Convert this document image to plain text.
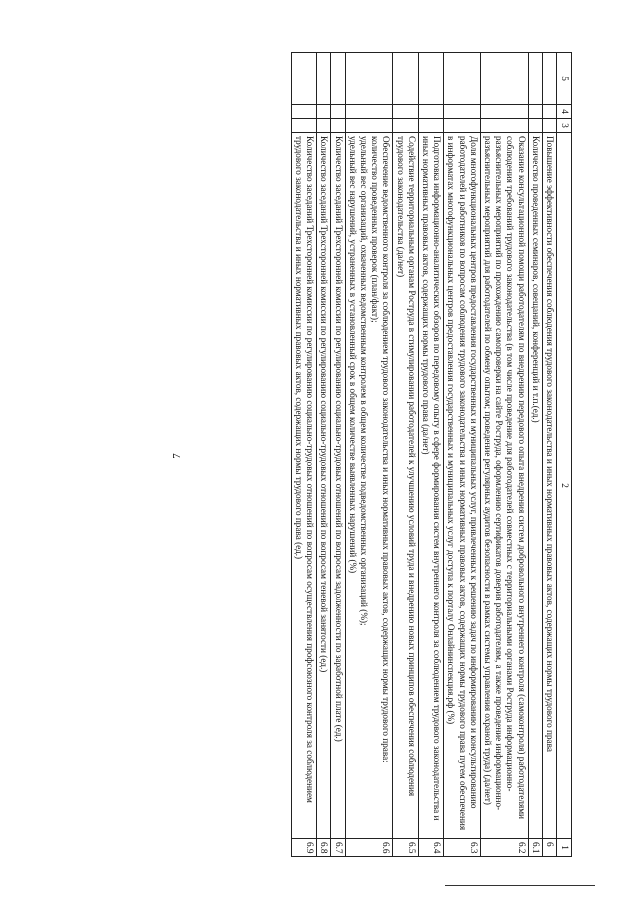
7
5	4	3	2	1

			Повышение эффективности обеспечения соблюдения трудового законодательства и иных нормативных правовых актов, содержащих нормы трудового права	6

			Количество проведенных семинаров, совещаний, конференций и т.п.(ед.)	6.1

			Оказание консультационной помощи работодателям по внедрению передового опыта внедрения систем добровольного внутреннего контроля (самоконтроля) работодателями соблюдения требований трудового законодательства (в том числе проведение для работодателей совместных с территориальными органами Роструда информационно-разъяснительных мероприятий по прохождению самопроверки на сайте Роструда, оформлению сертификатов доверия работодателям, а также проведение информационно-разъяснительных мероприятий для работодателей по обмену опытом; проведение регулярных аудитов безопасности в рамках системы управления охраной труда) (да/нет)	6.2

			Доля многофункциональных центров предоставления государственных и муниципальных услуг, привлеченных к решению задач по информированию и консультированию работодателей и работников по вопросам соблюдения трудового законодательства и иных нормативных правовых актов, содержащих нормы трудового права путем обеспечения в информатах многофункциональных центров предоставления государственных и муниципальных услуг доступа к порталу Онлайнинспекция.рф (%)	6.3

			Подготовка информационно-аналитических обзоров по передовому опыту в сфере формирования систем внутреннего контроля за соблюдением трудового законодательства и иных нормативных правовых актов, содержащих нормы трудового права (да/нет)	6.4

			Содействие территориальным органам Роструда в стимулировании работодателей к улучшению условий труда и внедрению новых принципов обеспечения соблюдения трудового законодательства (да/нет)	6.5

			Обеспечение ведомственного контроля за соблюдением трудового законодательства и иных нормативных правовых актов, содержащих нормы трудового права:
количество проведенных проверок (план/факт);
удельный вес организаций, охваченных ведомственным контролем в общем количестве подведомственных организаций (%);
удельный вес нарушений, устраненных в установленный срок в общем количестве выявленных нарушений (%)	6.6

			Количество заседаний Трехсторонней комиссии по регулированию социально-трудовых отношений по вопросам задолженности по заработной плате (ед.)	6.7

			Количество заседаний Трехсторонней комиссии по регулированию социально-трудовых отношений по вопросам теневой занятости (ед.)	6.8

			Количество заседаний Трехсторонней комиссии по регулированию социально-трудовых отношений по вопросам осуществления профсоюзного контроля за соблюдением трудового законодательства и иных нормативных правовых актов, содержащих нормы трудового права (ед.)	6.9
